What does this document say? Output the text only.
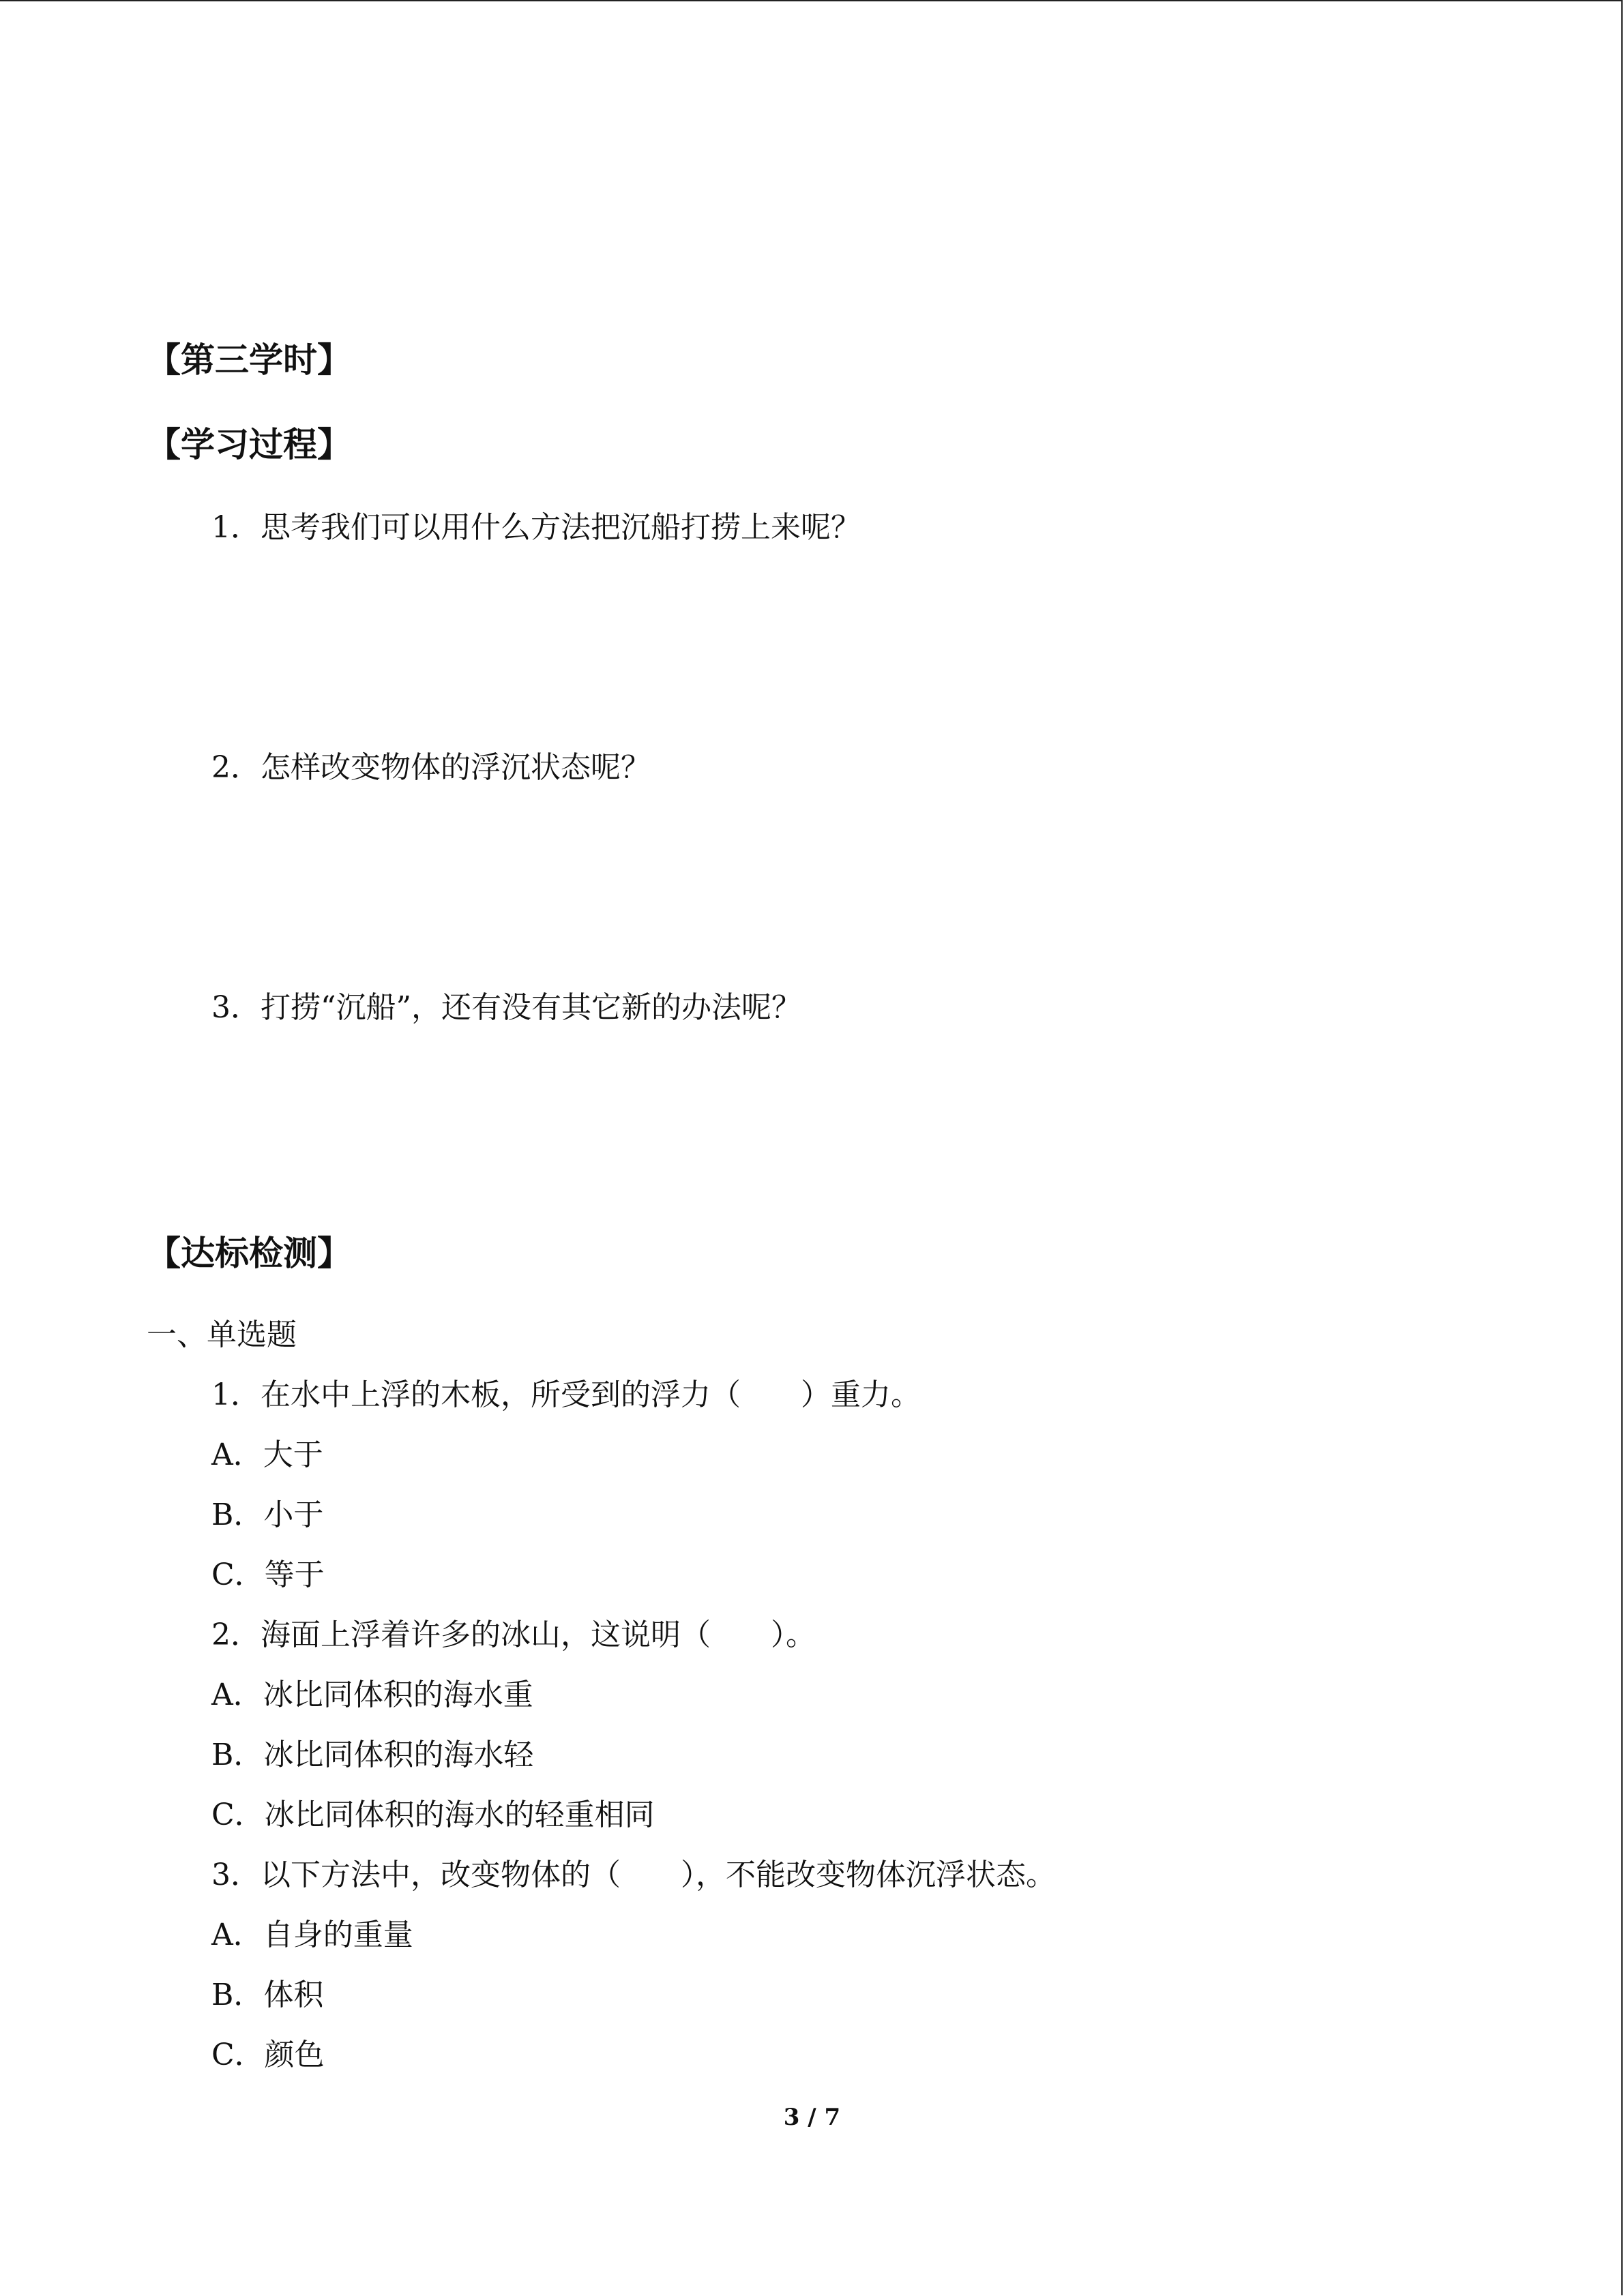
【第三学时】
【学习过程】
1．思考我们可以用什么方法把沉船打捞上来呢？
2．怎样改变物体的浮沉状态呢？
3．打捞“沉船”，还有没有其它新的办法呢？
【达标检测】
一、单选题
1．在水中上浮的木板，所受到的浮力（　　）重力。
A．大于
B．小于
C．等于
2．海面上浮着许多的冰山，这说明（　　）。
A．冰比同体积的海水重
B．冰比同体积的海水轻
C．冰比同体积的海水的轻重相同
3．以下方法中，改变物体的（　　），不能改变物体沉浮状态。
A．自身的重量
B．体积
C．颜色
3 / 7
